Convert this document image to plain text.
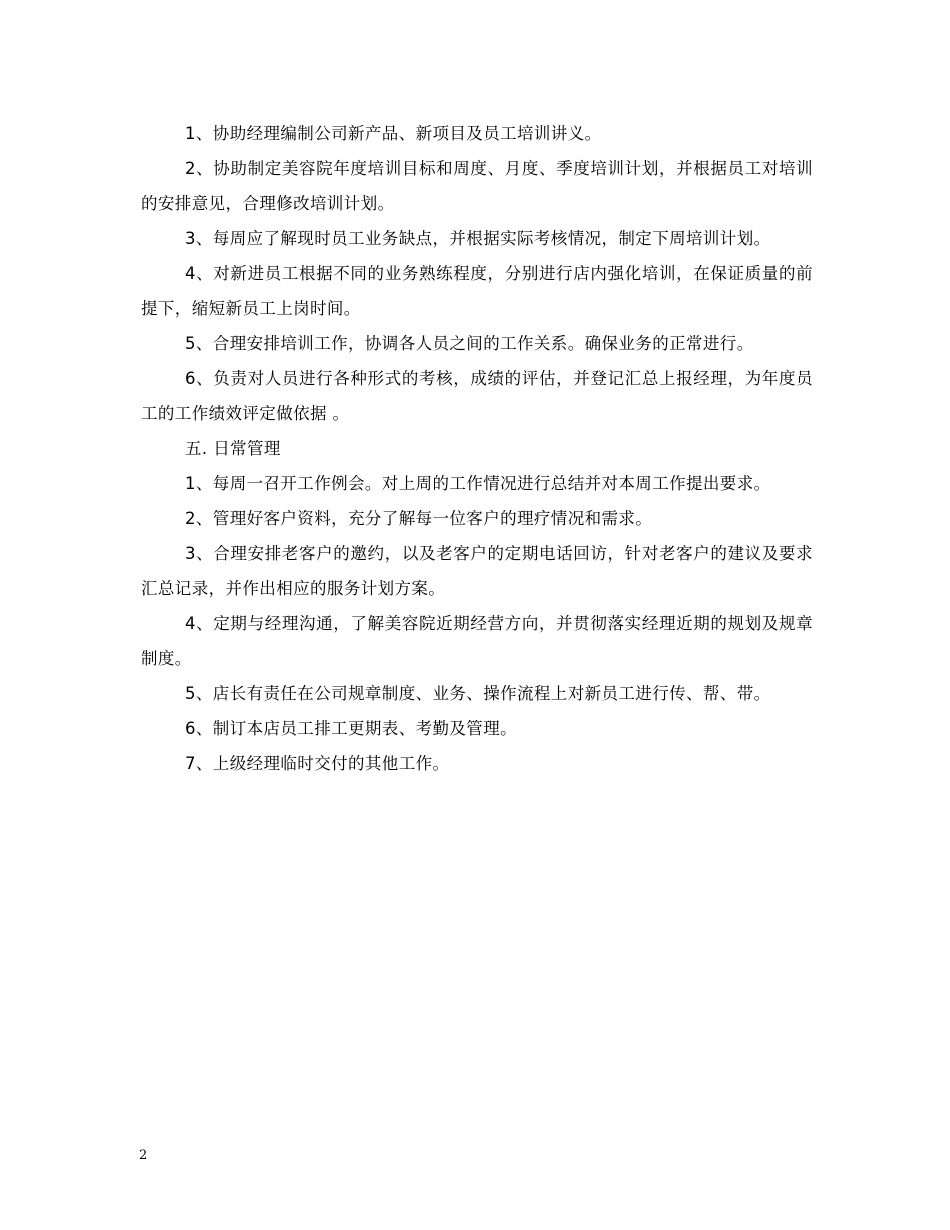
1、协助经理编制公司新产品、新项目及员工培训讲义。

2、协助制定美容院年度培训目标和周度、月度、季度培训计划，并根据员工对培训的安排意见，合理修改培训计划。

3、每周应了解现时员工业务缺点，并根据实际考核情况，制定下周培训计划。

4、对新进员工根据不同的业务熟练程度，分别进行店内强化培训，在保证质量的前提下，缩短新员工上岗时间。

5、合理安排培训工作，协调各人员之间的工作关系。确保业务的正常进行。

6、负责对人员进行各种形式的考核，成绩的评估，并登记汇总上报经理，为年度员工的工作绩效评定做依据 。

五. 日常管理

1、每周一召开工作例会。对上周的工作情况进行总结并对本周工作提出要求。

2、管理好客户资料，充分了解每一位客户的理疗情况和需求。

3、合理安排老客户的邀约，以及老客户的定期电话回访，针对老客户的建议及要求汇总记录，并作出相应的服务计划方案。

4、定期与经理沟通，了解美容院近期经营方向，并贯彻落实经理近期的规划及规章制度。

5、店长有责任在公司规章制度、业务、操作流程上对新员工进行传、帮、带。

6、制订本店员工排工更期表、考勤及管理。

7、上级经理临时交付的其他工作。

2
